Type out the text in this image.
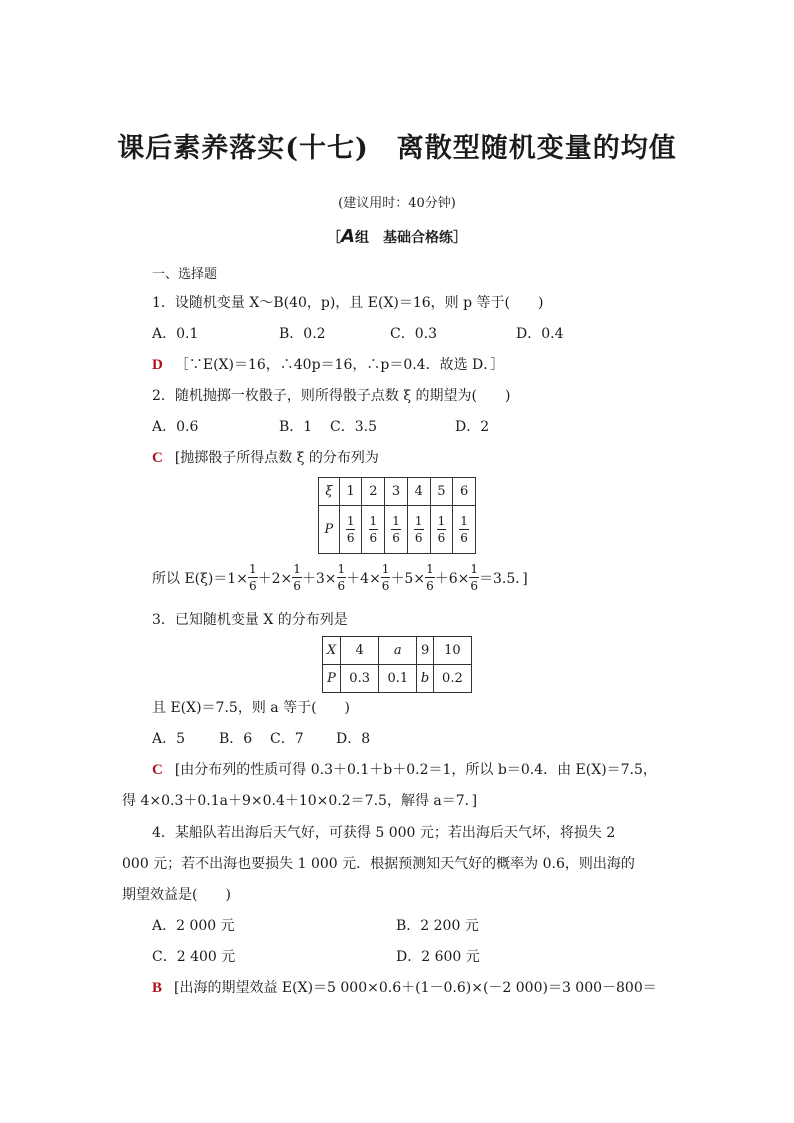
课后素养落实(十七)　离散型随机变量的均值
(建议用时：40分钟)
［A组　基础合格练］
一、选择题
1．设随机变量 X～B(40，p)，且 E(X)＝16，则 p 等于(　　)
A．0.1	B．0.2	C．0.3	D．0.4
D ［∵E(X)＝16，∴40p＝16，∴p＝0.4．故选 D．］
2．随机抛掷一枚骰子，则所得骰子点数 ξ 的期望为(　　)
A．0.6	B．1 C．3.5	D．2
C [抛掷骰子所得点数 ξ 的分布列为
ξ	1	2	3	4	5	6
P	$\frac{1}{6}$	$\frac{1}{6}$	$\frac{1}{6}$	$\frac{1}{6}$	$\frac{1}{6}$	$\frac{1}{6}$
所以 $E(\xi)=1\times \frac{1}{6} +2\times \frac{1}{6} +3\times \frac{1}{6} +4\times \frac{1}{6} +5\times \frac{1}{6} +6\times \frac{1}{6} =3.5$．]
3．已知随机变量 X 的分布列是
X	4	a	9	10
P	0.3	0.1	b	0.2
且 E(X)＝7.5，则 a 等于(　　)
A．5 B．6 C．7 D．8
C [由分布列的性质可得 0.3＋0.1＋b＋0.2＝1，所以 b＝0.4．由 E(X)＝7.5，
得 4×0.3＋0.1a＋9×0.4＋10×0.2＝7.5，解得 a＝7．]
4．某船队若出海后天气好，可获得 5 000 元；若出海后天气坏，将损失 2
000 元；若不出海也要损失 1 000 元．根据预测知天气好的概率为 0.6，则出海的
期望效益是(　　)
A．2 000 元	B．2 200 元
C．2 400 元	D．2 600 元
B [出海的期望效益 E(X)＝5 000×0.6＋(1－0.6)×(－2 000)＝3 000－800＝
